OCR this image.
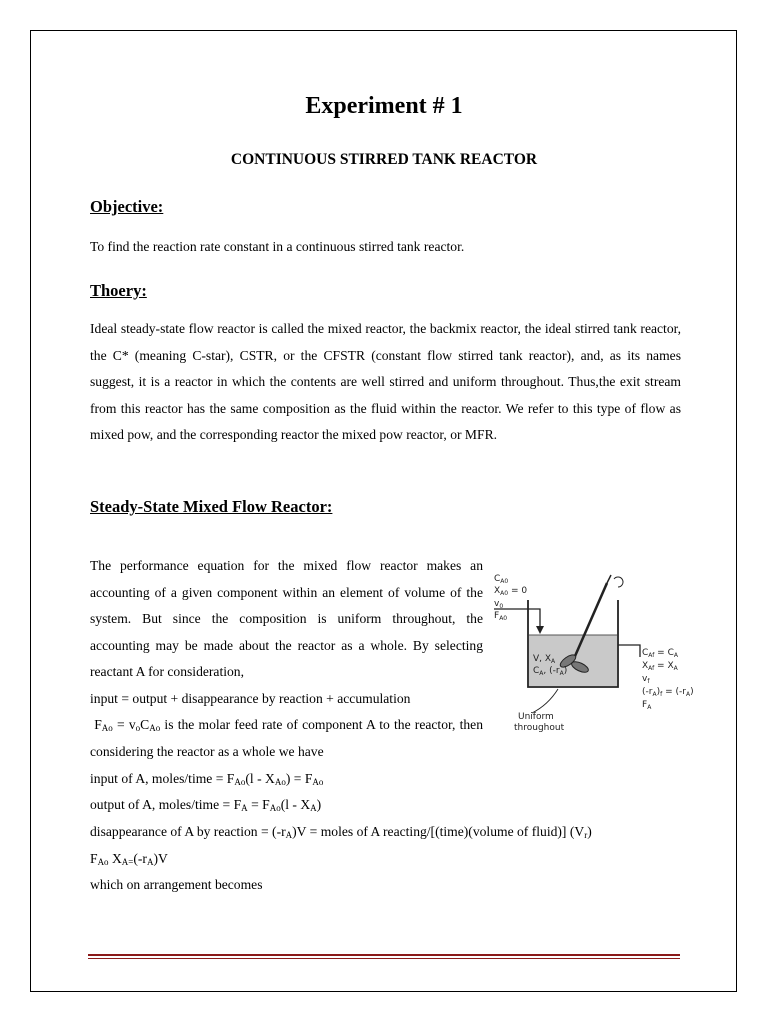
Experiment # 1
CONTINUOUS STIRRED TANK REACTOR
Objective:
To find the reaction rate constant in a continuous stirred tank reactor.
Thoery:
Ideal steady-state flow reactor is called the mixed reactor, the backmix reactor, the ideal stirred tank reactor, the C* (meaning C-star), CSTR, or the CFSTR (constant flow stirred tank reactor), and, as its names suggest, it is a reactor in which the contents are well stirred and uniform throughout. Thus,the exit stream from this reactor has the same composition as the fluid within the reactor. We refer to this type of flow as mixed pow, and the corresponding reactor the mixed pow reactor, or MFR.
Steady-State Mixed Flow Reactor:
The performance equation for the mixed flow reactor makes an accounting of a given component within an element of volume of the system. But since the composition is uniform throughout, the accounting may be made about the reactor as a whole. By selecting reactant A for consideration,
input = output + disappearance by reaction + accumulation
$F_{Ao} = v_oC_{Ao}$ is the molar feed rate of component A to the reactor, then considering the reactor as a whole we have
input of A, moles/time = $F_{Ao}(l - X_{Ao}) = F_{Ao}$
output of A, moles/time = $F_A = F_{Ao}(l - X_A)$
disappearance of A by reaction = $(-r_A)V$ = moles of A reacting/[(time)(volume of fluid)] $(V_r)$
$F_{Ao}$ $X_{A=}(-r_A)V$
which on arrangement becomes
$C_{A0}$
$X_{A0} = 0$
$v_0$
$F_{A0}$
V, $X_A$
$C_A$, $(-r_A)$
$C_{Af} = C_A$
$X_{Af} = X_A$
$v_f$
$(-r_A)_f = (-r_A)$
$F_A$
Uniform
throughout
